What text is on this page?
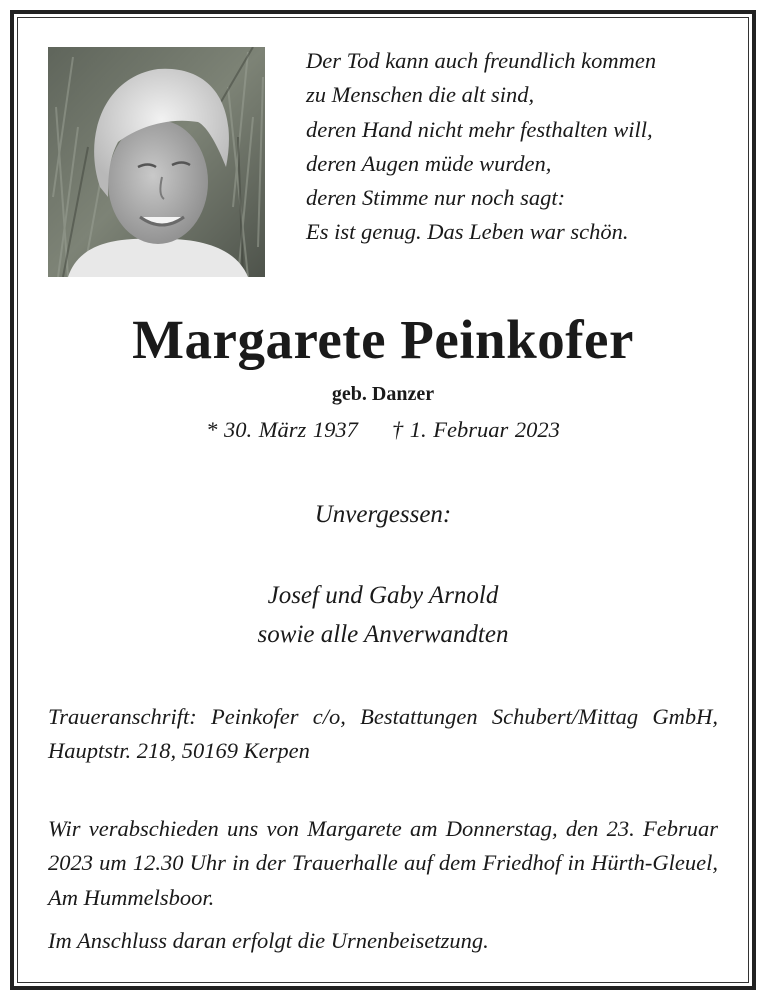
Der Tod kann auch freundlich kommen
zu Menschen die alt sind,
deren Hand nicht mehr festhalten will,
deren Augen müde wurden,
deren Stimme nur noch sagt:
Es ist genug. Das Leben war schön.
Margarete Peinkofer
geb. Danzer
* 30. März 1937 † 1. Februar 2023
Unvergessen:
Josef und Gaby Arnold
sowie alle Anverwandten
Traueranschrift: Peinkofer c/o, Bestattungen Schubert/Mittag GmbH, Hauptstr. 218, 50169 Kerpen
Wir verabschieden uns von Margarete am Donnerstag, den 23. Februar 2023 um 12.30 Uhr in der Trauerhalle auf dem Friedhof in Hürth-Gleuel, Am Hummelsboor.
Im Anschluss daran erfolgt die Urnenbeisetzung.
